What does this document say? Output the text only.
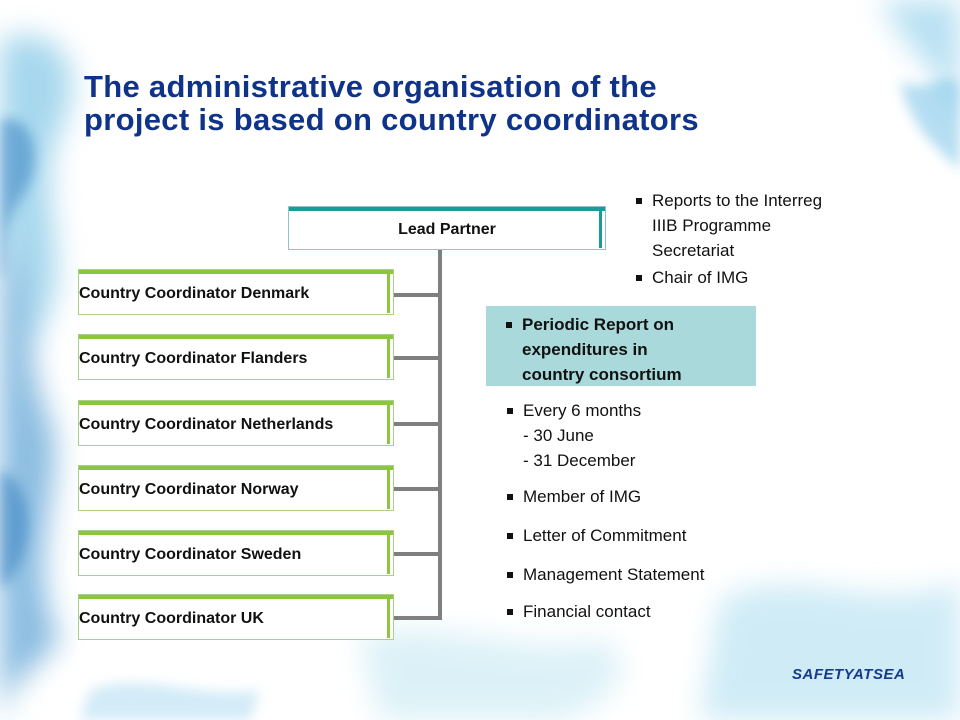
The administrative organisation of the
project is based on country coordinators
Lead Partner
Country Coordinator Denmark
Country Coordinator Flanders
Country Coordinator Netherlands
Country Coordinator Norway
Country Coordinator Sweden
Country Coordinator UK
Reports to the Interreg
IIIB Programme
Secretariat
Chair of IMG
Periodic Report on
expenditures in
country consortium
Every 6 months
- 30 June
- 31 December
Member of IMG
Letter of Commitment
Management Statement
Financial contact
SAFETYATSEA
